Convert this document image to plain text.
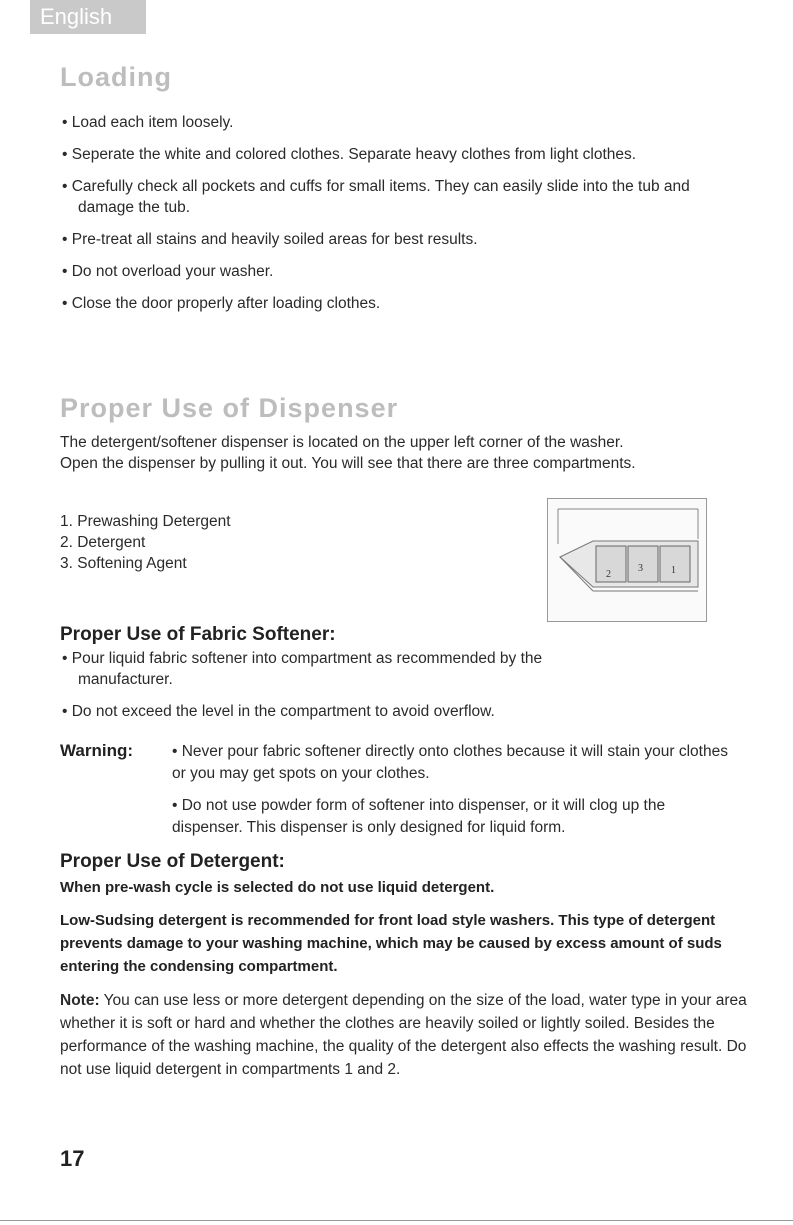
English
Loading
• Load each item loosely.
• Seperate the white and colored clothes. Separate heavy clothes from light clothes.
• Carefully check all pockets and cuffs for small items. They can easily slide into the tub and damage the tub.
• Pre-treat all stains and heavily soiled areas for best results.
• Do not overload your washer.
• Close the door properly after loading clothes.
Proper Use of Dispenser

The detergent/softener dispenser is located on the upper left corner of the washer. Open the dispenser by pulling it out. You will see that there are three compartments.

1. Prewashing Detergent
2. Detergent
3. Softening Agent
2
3	1
Proper Use of Fabric Softener:
• Pour liquid fabric softener into compartment as recommended by the manufacturer.
• Do not exceed the level in the compartment to avoid overflow.
Warning:	• Never pour fabric softener directly onto clothes because it will stain your clothes or you may get spots on your clothes.
• Do not use powder form of softener into dispenser, or it will clog up the dispenser. This dispenser is only designed for liquid form.
Proper Use of Detergent:

When pre-wash cycle is selected do not use liquid detergent.

Low-Sudsing detergent is recommended for front load style washers. This type of detergent prevents damage to your washing machine, which may be caused by excess amount of suds entering the condensing compartment.

Note: You can use less or more detergent depending on the size of the load, water type in your area whether it is soft or hard and whether the clothes are heavily soiled or lightly soiled. Besides the performance of the washing machine, the quality of the detergent also effects the washing result. Do not use liquid detergent in compartments 1 and 2.
17
